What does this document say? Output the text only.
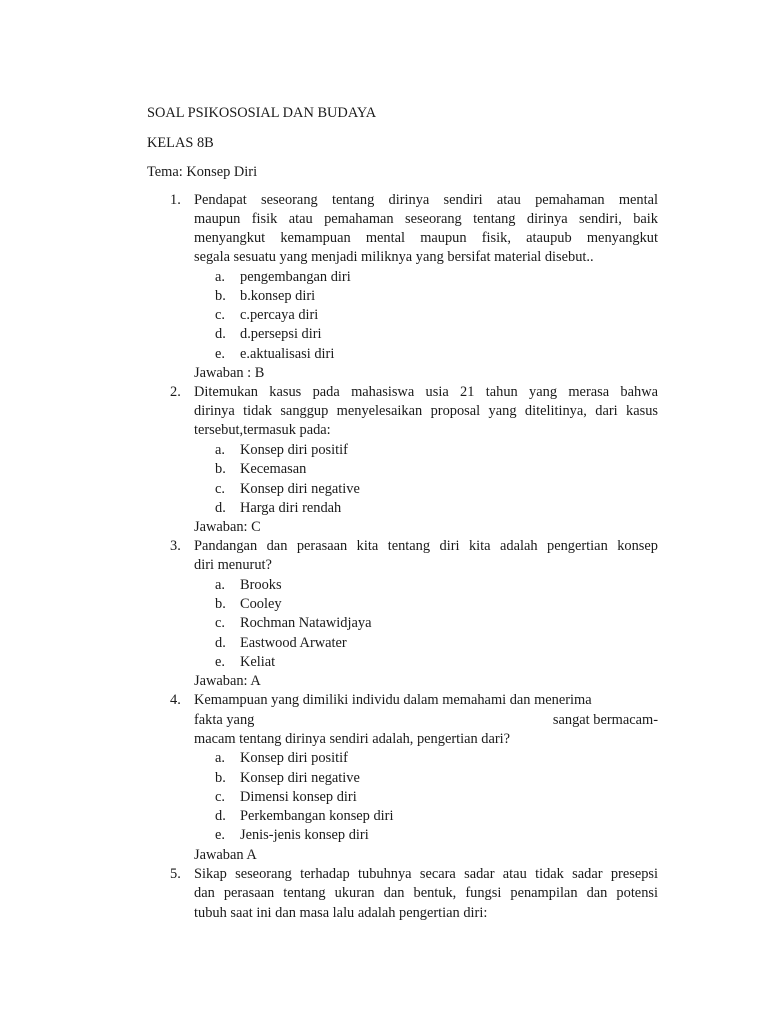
SOAL PSIKOSOSIAL DAN BUDAYA
KELAS 8B
Tema: Konsep Diri
1. Pendapat seseorang tentang dirinya sendiri atau pemahaman mental
maupun fisik atau pemahaman seseorang tentang dirinya sendiri, baik
menyangkut kemampuan mental maupun fisik, ataupub menyangkut
segala sesuatu yang menjadi miliknya yang bersifat material disebut..
a. pengembangan diri
b. b.konsep diri
c. c.percaya diri
d. d.persepsi diri
e. e.aktualisasi diri
Jawaban : B
2. Ditemukan kasus pada mahasiswa usia 21 tahun yang merasa bahwa
dirinya tidak sanggup menyelesaikan proposal yang ditelitinya, dari kasus
tersebut,termasuk pada:
a. Konsep diri positif
b. Kecemasan
c. Konsep diri negative
d. Harga diri rendah
Jawaban: C
3. Pandangan dan perasaan kita tentang diri kita adalah pengertian konsep
diri menurut?
a. Brooks
b. Cooley
c. Rochman Natawidjaya
d. Eastwood Arwater
e. Keliat
Jawaban: A
4. Kemampuan yang dimiliki individu dalam memahami dan menerima
fakta yang	sangat bermacam-
macam tentang dirinya sendiri adalah, pengertian dari?
a. Konsep diri positif
b. Konsep diri negative
c. Dimensi konsep diri
d. Perkembangan konsep diri
e. Jenis-jenis konsep diri
Jawaban A
5. Sikap seseorang terhadap tubuhnya secara sadar atau tidak sadar presepsi
dan perasaan tentang ukuran dan bentuk, fungsi penampilan dan potensi
tubuh saat ini dan masa lalu adalah pengertian diri:
